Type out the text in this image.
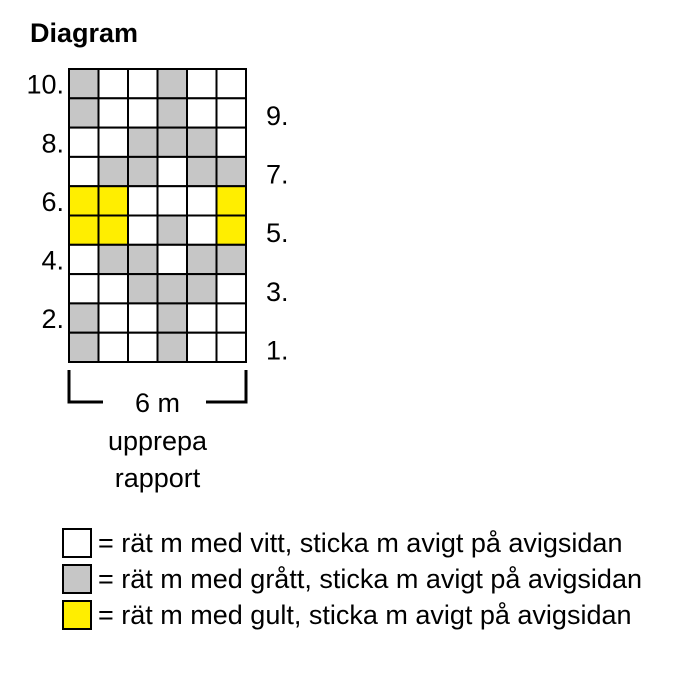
Diagram
10.
8.
6.
4.
2.
9.
7.
5.
3.
1.
6 m
upprepa
rapport
= rät m med vitt, sticka m avigt på avigsidan
= rät m med grått, sticka m avigt på avigsidan
= rät m med gult, sticka m avigt på avigsidan
